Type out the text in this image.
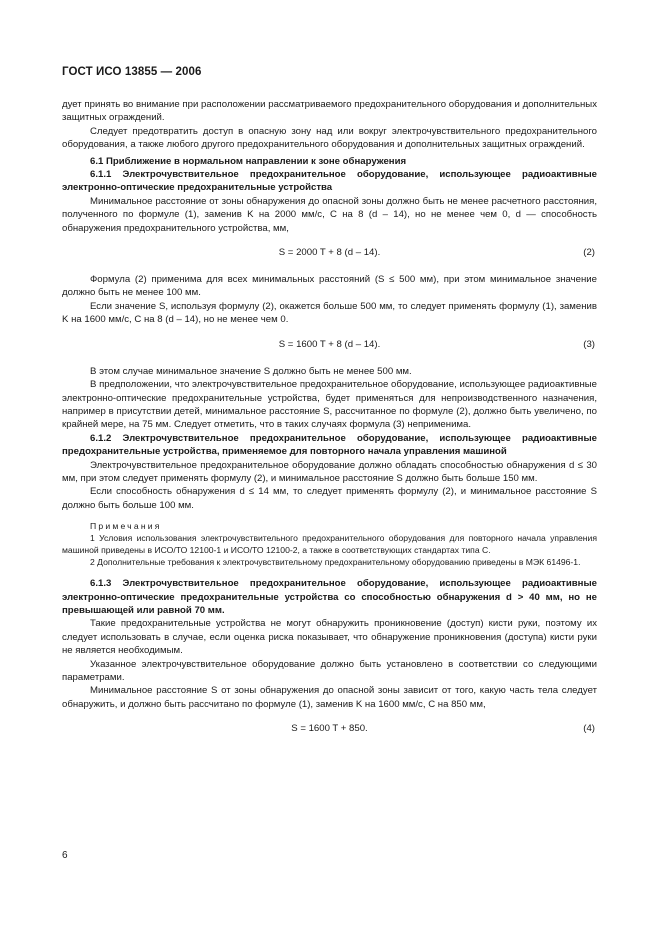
ГОСТ ИСО 13855 — 2006

дует принять во внимание при расположении рассматриваемого предохранительного оборудования и дополнительных защитных ограждений.

Следует предотвратить доступ в опасную зону над или вокруг электрочувствительного предохранительного оборудования, а также любого другого предохранительного оборудования и дополнительных защитных ограждений.

6.1 Приближение в нормальном направлении к зоне обнаружения

6.1.1 Электрочувствительное предохранительное оборудование, использующее радиоактивные электронно-оптические предохранительные устройства

Минимальное расстояние от зоны обнаружения до опасной зоны должно быть не менее расчетного расстояния, полученного по формуле (1), заменив K на 2000 мм/с, C на 8 (d – 14), но не менее чем 0, d — способность обнаружения предохранительного устройства, мм,

S = 2000 T + 8 (d – 14).	(2)

Формула (2) применима для всех минимальных расстояний (S ≤ 500 мм), при этом минимальное значение должно быть не менее 100 мм.

Если значение S, используя формулу (2), окажется больше 500 мм, то следует применять формулу (1), заменив K на 1600 мм/с, C на 8 (d – 14), но не менее чем 0.

S = 1600 T + 8 (d – 14).	(3)

В этом случае минимальное значение S должно быть не менее 500 мм.

В предположении, что электрочувствительное предохранительное оборудование, использующее радиоактивные электронно-оптические предохранительные устройства, будет применяться для непроизводственного назначения, например в присутствии детей, минимальное расстояние S, рассчитанное по формуле (2), должно быть увеличено, по крайней мере, на 75 мм. Следует отметить, что в таких случаях формула (3) неприменима.

6.1.2 Электрочувствительное предохранительное оборудование, использующее радиоактивные предохранительные устройства, применяемое для повторного начала управления машиной

Электрочувствительное предохранительное оборудование должно обладать способностью обнаружения d ≤ 30 мм, при этом следует применять формулу (2), и минимальное расстояние S должно быть больше 150 мм.

Если способность обнаружения d ≤ 14 мм, то следует применять формулу (2), и минимальное расстояние S должно быть больше 100 мм.

Примечания

1 Условия использования электрочувствительного предохранительного оборудования для повторного начала управления машиной приведены в ИСО/ТО 12100-1 и ИСО/ТО 12100-2, а также в соответствующих стандартах типа С.

2 Дополнительные требования к электрочувствительному предохранительному оборудованию приведены в МЭК 61496-1.

6.1.3 Электрочувствительное предохранительное оборудование, использующее радиоактивные электронно-оптические предохранительные устройства со способностью обнаружения d > 40 мм, но не превышающей или равной 70 мм.

Такие предохранительные устройства не могут обнаружить проникновение (доступ) кисти руки, поэтому их следует использовать в случае, если оценка риска показывает, что обнаружение проникновения (доступа) кисти руки не является необходимым.

Указанное электрочувствительное оборудование должно быть установлено в соответствии со следующими параметрами.

Минимальное расстояние S от зоны обнаружения до опасной зоны зависит от того, какую часть тела следует обнаружить, и должно быть рассчитано по формуле (1), заменив K на 1600 мм/с, C на 850 мм,

S = 1600 T + 850.	(4)
6
